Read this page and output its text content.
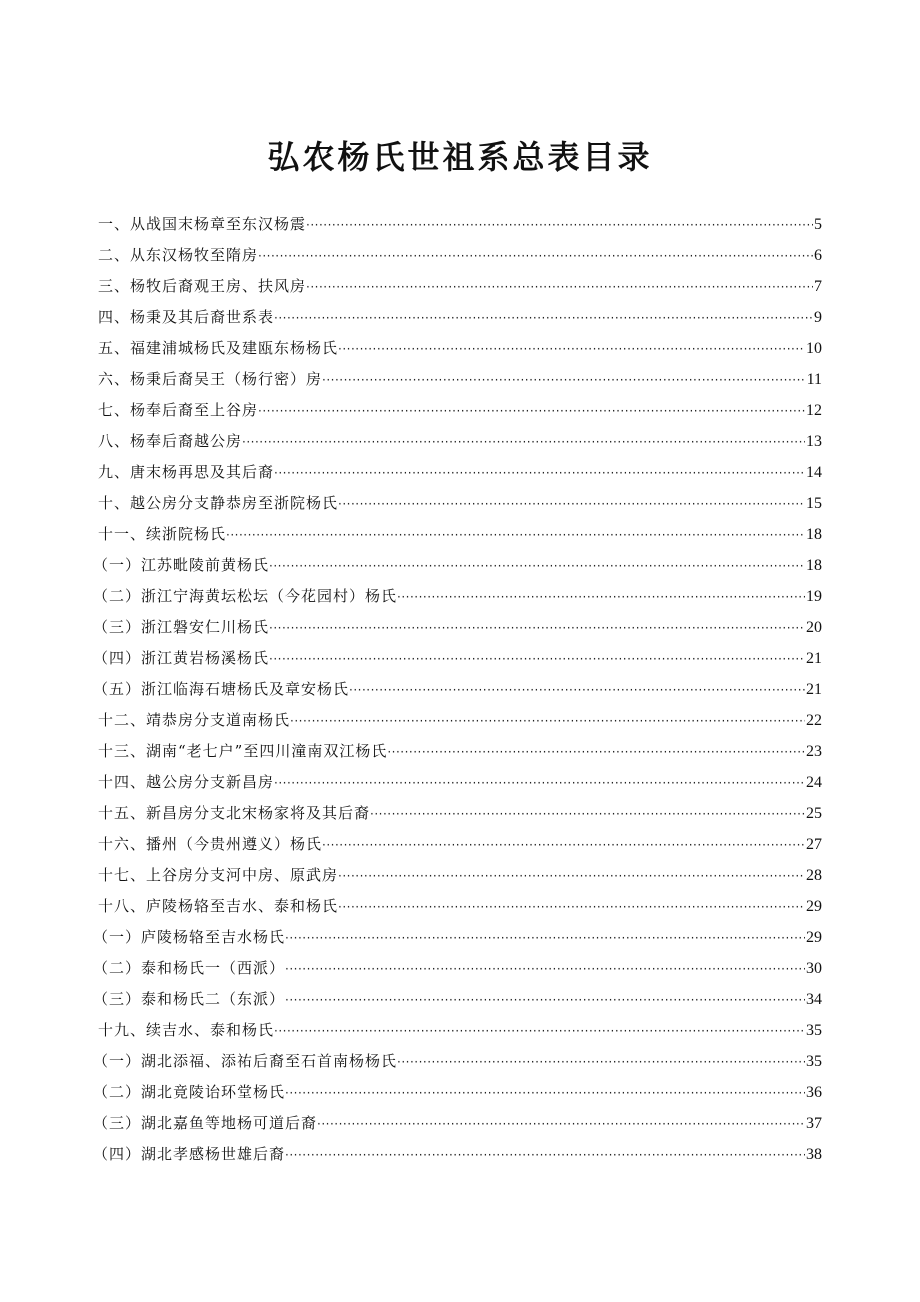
弘农杨氏世祖系总表目录
一、从战国末杨章至东汉杨震 ·····	5
二、从东汉杨牧至隋房 ·····	6
三、杨牧后裔观王房、扶风房 ·····	7
四、杨秉及其后裔世系表 ·····	9
五、福建浦城杨氏及建瓯东杨杨氏 ·····	10
六、杨秉后裔吴王（杨行密）房 ·····	11
七、杨奉后裔至上谷房 ·····	12
八、杨奉后裔越公房 ·····	13
九、唐末杨再思及其后裔 ·····	14
十、越公房分支静恭房至浙院杨氏 ·····	15
十一、续浙院杨氏 ·····	18
（一）江苏毗陵前黄杨氏 ·····	18
（二）浙江宁海黄坛松坛（今花园村）杨氏 ·····	19
（三）浙江磐安仁川杨氏 ·····	20
（四）浙江黄岩杨溪杨氏 ·····	21
（五）浙江临海石塘杨氏及章安杨氏 ·····	21
十二、靖恭房分支道南杨氏 ·····	22
十三、湖南“老七户”至四川潼南双江杨氏 ·····	23
十四、越公房分支新昌房 ·····	24
十五、新昌房分支北宋杨家将及其后裔 ·····	25
十六、播州（今贵州遵义）杨氏 ·····	27
十七、上谷房分支河中房、原武房 ·····	28
十八、庐陵杨辂至吉水、泰和杨氏 ·····	29
（一）庐陵杨辂至吉水杨氏 ·····	29
（二）泰和杨氏一（西派） ·····	30
（三）泰和杨氏二（东派） ·····	34
十九、续吉水、泰和杨氏 ·····	35
（一）湖北添福、添祐后裔至石首南杨杨氏 ·····	35
（二）湖北竟陵诒环堂杨氏 ·····	36
（三）湖北嘉鱼等地杨可道后裔 ·····	37
（四）湖北孝感杨世雄后裔 ·····	38
